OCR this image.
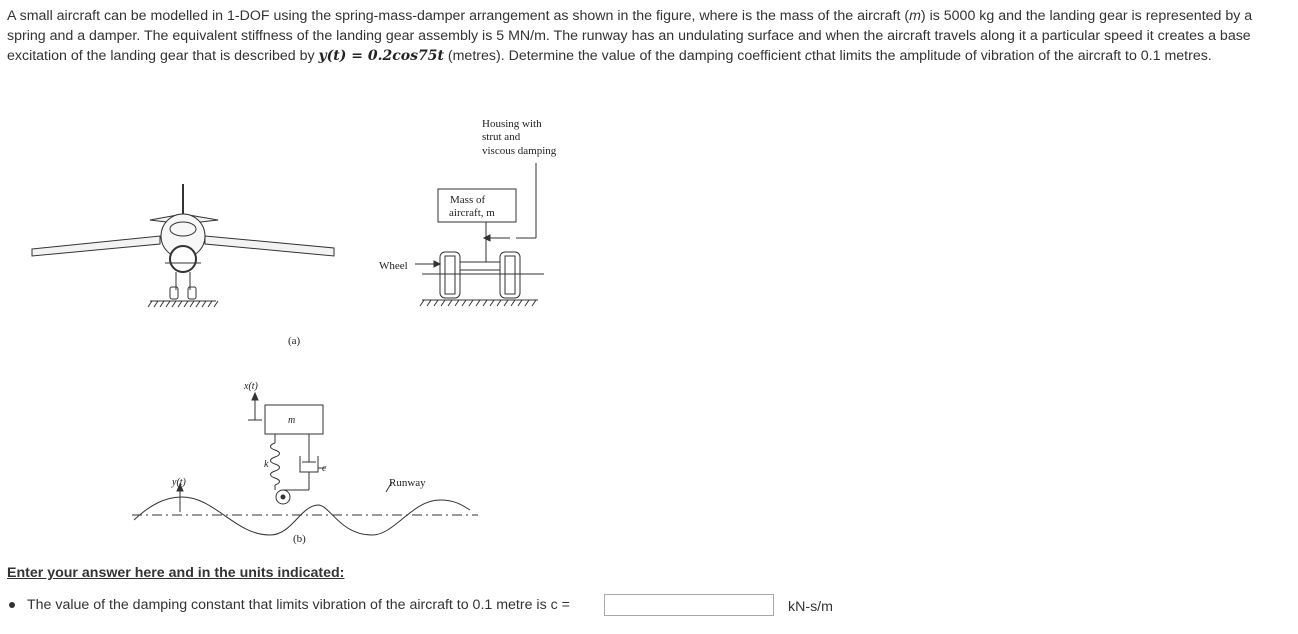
A small aircraft can be modelled in 1-DOF using the spring-mass-damper arrangement as shown in the figure, where is the mass of the aircraft (m) is 5000 kg and the landing gear is represented by a spring and a damper. The equivalent stiffness of the landing gear assembly is 5 MN/m. The runway has an undulating surface and when the aircraft travels along it a particular speed it creates a base excitation of the landing gear that is described by y(t) = 0.2cos75t (metres). Determine the value of the damping coefficient cthat limits the amplitude of vibration of the aircraft to 0.1 metres.
Housing with
strut and
viscous damping
Mass of
aircraft, m
Wheel
(a)
x(t)
m
k	c
y(t)	Runway
(b)
Enter your answer here and in the units indicated:
The value of the damping constant that limits vibration of the aircraft to 0.1 metre is c =	kN-s/m
